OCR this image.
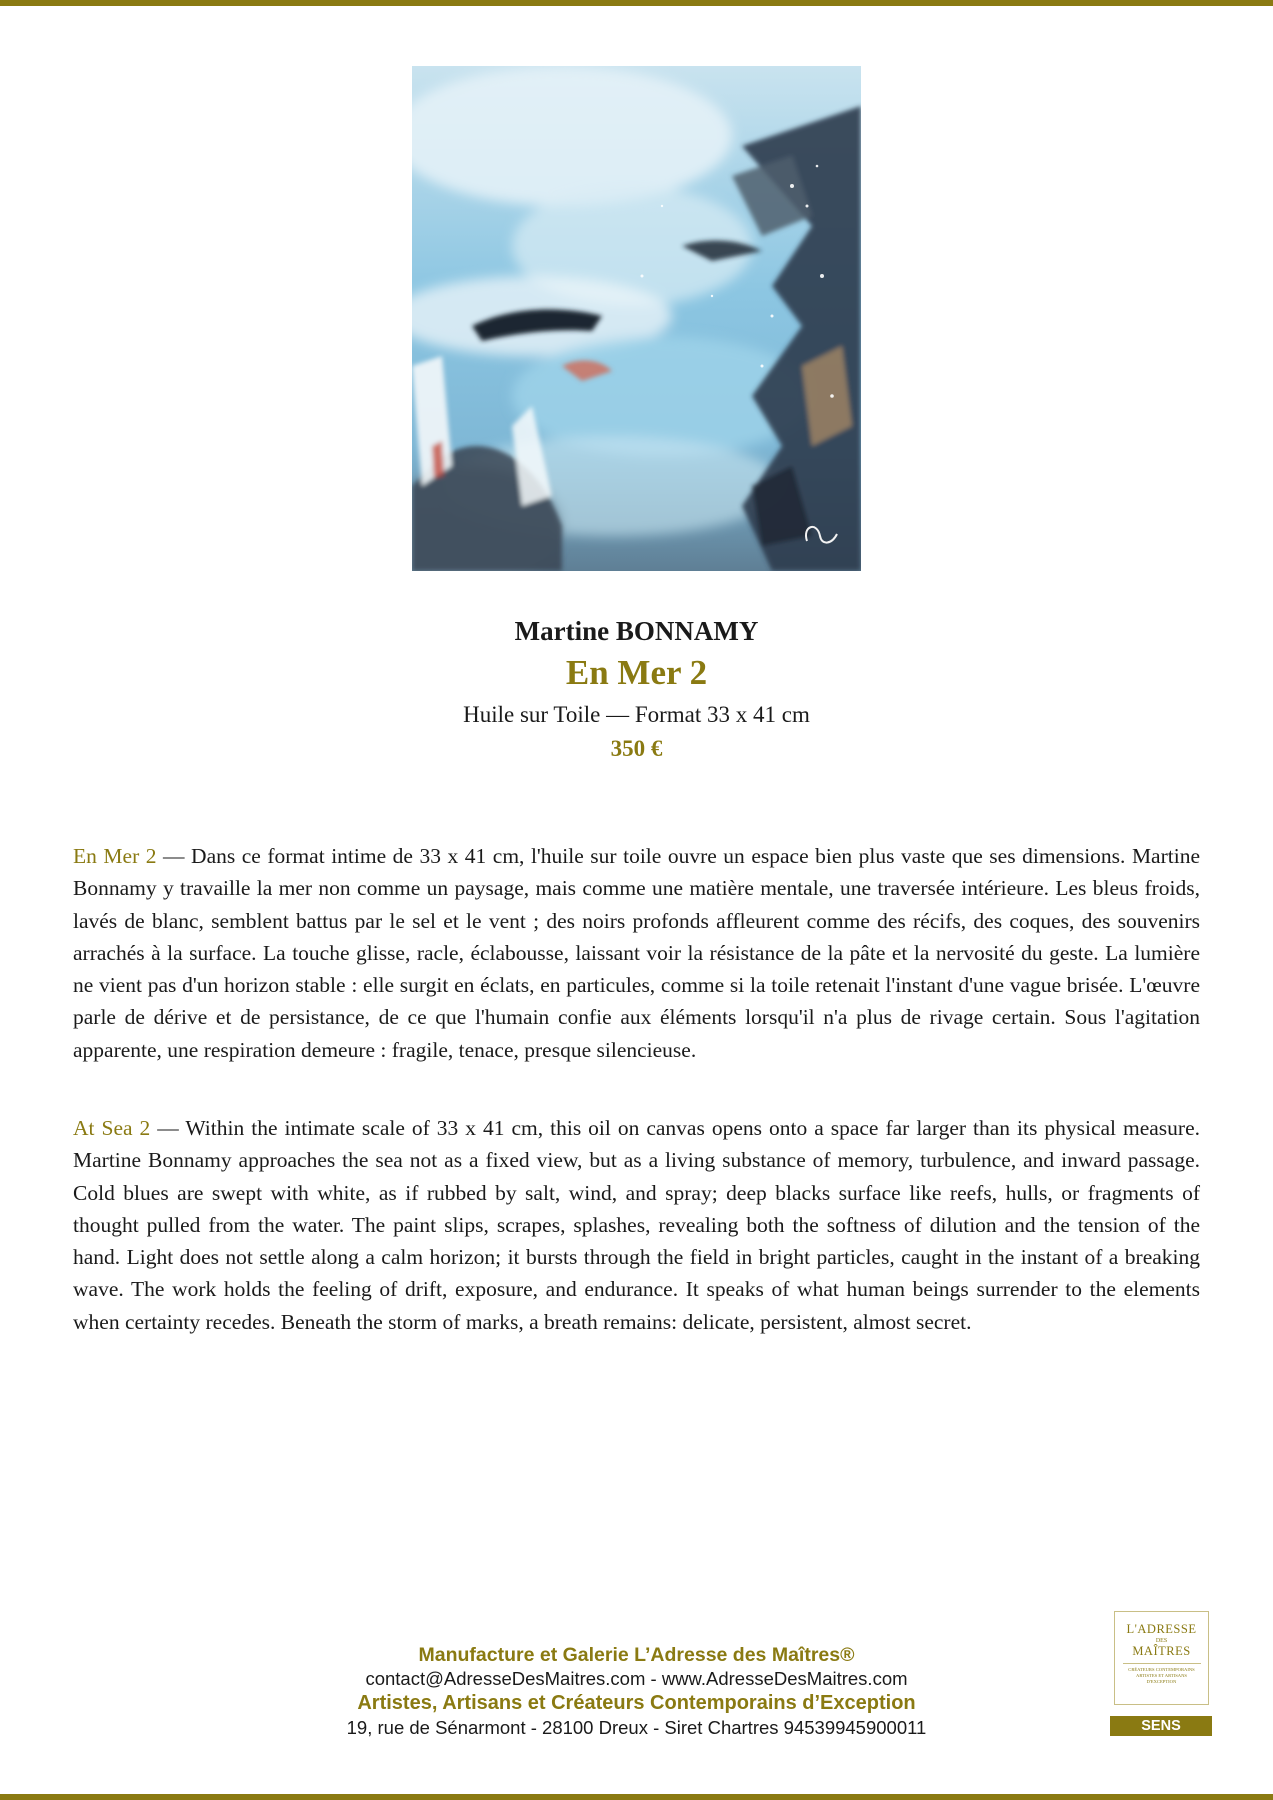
Martine BONNAMY
En Mer 2
Huile sur Toile — Format 33 x 41 cm
350 €

En Mer 2 — Dans ce format intime de 33 x 41 cm, l'huile sur toile ouvre un espace bien plus vaste que ses dimensions. Martine Bonnamy y travaille la mer non comme un paysage, mais comme une matière mentale, une traversée intérieure. Les bleus froids, lavés de blanc, semblent battus par le sel et le vent ; des noirs profonds affleurent comme des récifs, des coques, des souvenirs arrachés à la surface. La touche glisse, racle, éclabousse, laissant voir la résistance de la pâte et la nervosité du geste. La lumière ne vient pas d'un horizon stable : elle surgit en éclats, en particules, comme si la toile retenait l'instant d'une vague brisée. L'œuvre parle de dérive et de persistance, de ce que l'humain confie aux éléments lorsqu'il n'a plus de rivage certain. Sous l'agitation apparente, une respiration demeure : fragile, tenace, presque silencieuse.

At Sea 2 — Within the intimate scale of 33 x 41 cm, this oil on canvas opens onto a space far larger than its physical measure. Martine Bonnamy approaches the sea not as a fixed view, but as a living substance of memory, turbulence, and inward passage. Cold blues are swept with white, as if rubbed by salt, wind, and spray; deep blacks surface like reefs, hulls, or fragments of thought pulled from the water. The paint slips, scrapes, splashes, revealing both the softness of dilution and the tension of the hand. Light does not settle along a calm horizon; it bursts through the field in bright particles, caught in the instant of a breaking wave. The work holds the feeling of drift, exposure, and endurance. It speaks of what human beings surrender to the elements when certainty recedes. Beneath the storm of marks, a breath remains: delicate, persistent, almost secret.

Manufacture et Galerie L’Adresse des Maîtres®
contact@AdresseDesMaitres.com - www.AdresseDesMaitres.com
Artistes, Artisans et Créateurs Contemporains d’Exception
19, rue de Sénarmont - 28100 Dreux - Siret Chartres 94539945900011
L'ADRESSE
DES
MAÎTRES
CRÉATEURS CONTEMPORAINS ARTISTES ET ARTISANS D'EXCEPTION
SENS
